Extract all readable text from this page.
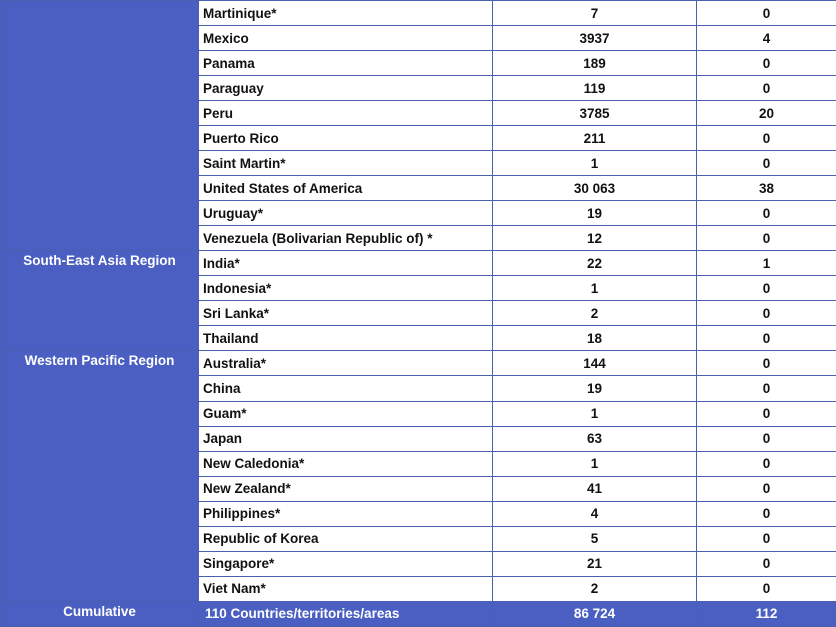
	Martinique*	7	0
	Mexico	3937	4
	Panama	189	0
	Paraguay	119	0
	Peru	3785	20
	Puerto Rico	211	0
	Saint Martin*	1	0
	United States of America	30 063	38
	Uruguay*	19	0
	Venezuela (Bolivarian Republic of) *	12	0
South-East Asia Region	India*	22	1
	Indonesia*	1	0
	Sri Lanka*	2	0
	Thailand	18	0
Western Pacific Region	Australia*	144	0
	China	19	0
	Guam*	1	0
	Japan	63	0
	New Caledonia*	1	0
	New Zealand*	41	0
	Philippines*	4	0
	Republic of Korea	5	0
	Singapore*	21	0
	Viet Nam*	2	0
Cumulative	110 Countries/territories/areas	86 724	112
